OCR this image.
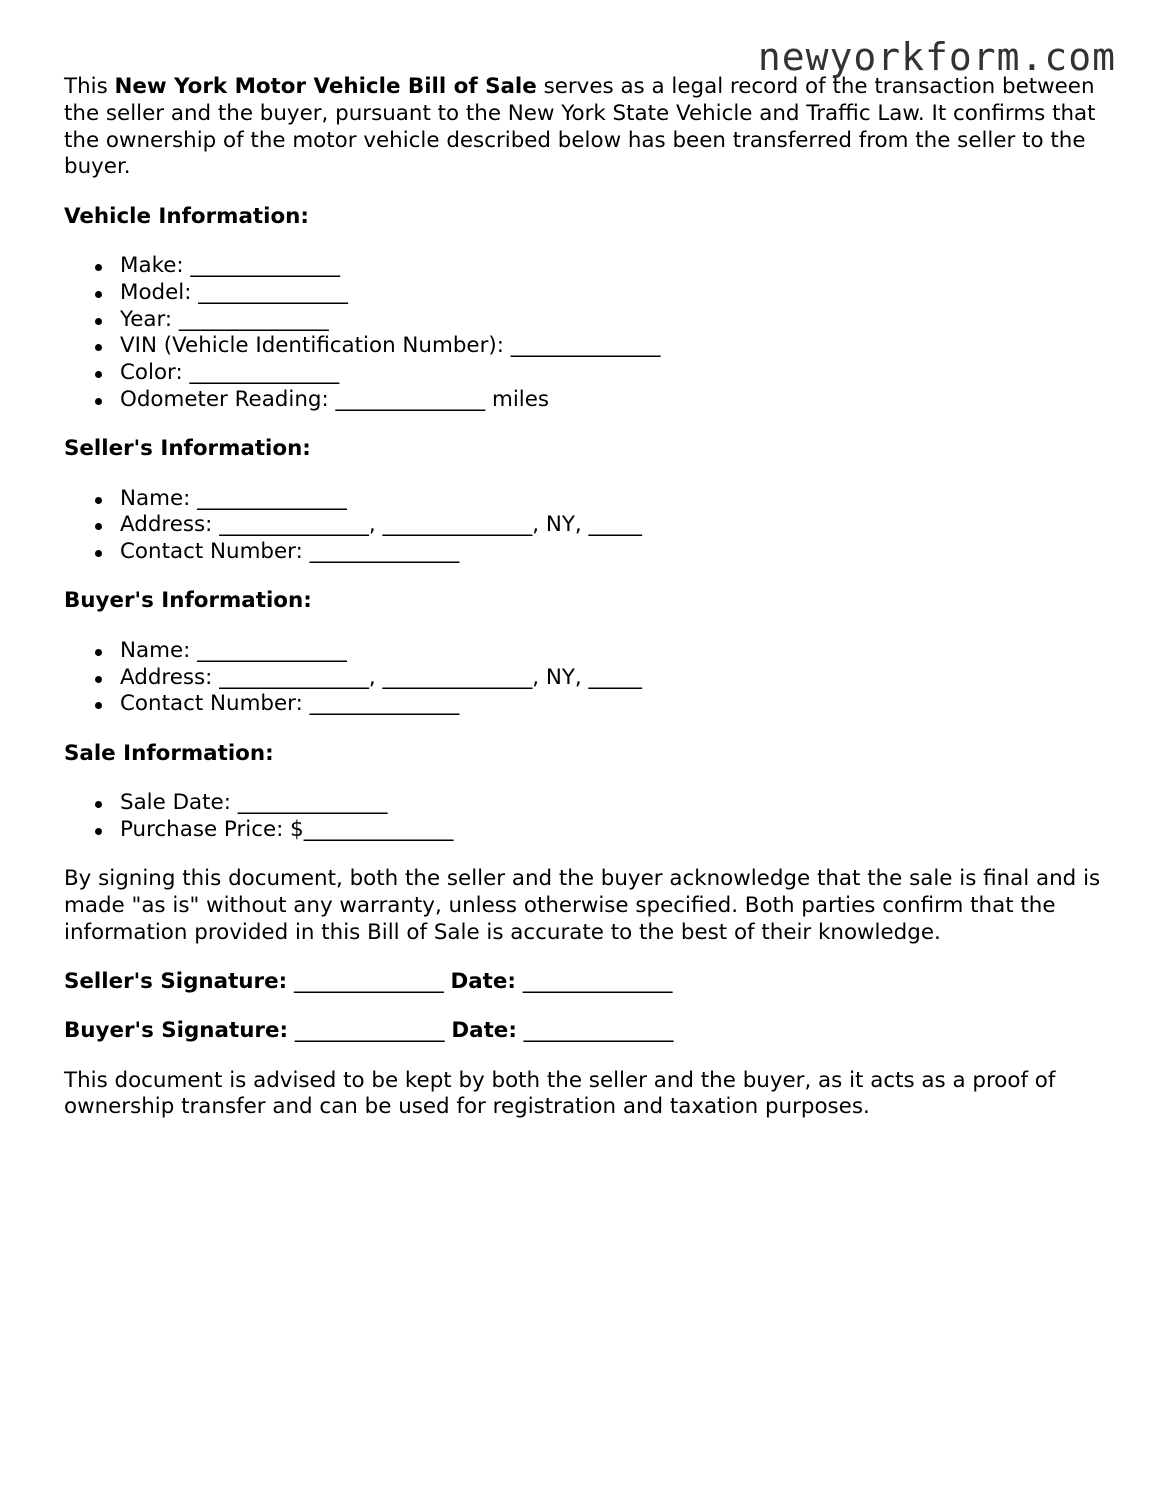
newyorkform.com

This New York Motor Vehicle Bill of Sale serves as a legal record of the transaction between the seller and the buyer, pursuant to the New York State Vehicle and Traffic Law. It confirms that the ownership of the motor vehicle described below has been transferred from the seller to the buyer.

Vehicle Information:

Make: ______________
Model: ______________
Year: ______________
VIN (Vehicle Identification Number): ______________
Color: ______________
Odometer Reading: ______________ miles

Seller's Information:

Name: ______________
Address: ______________, ______________, NY, _____
Contact Number: ______________

Buyer's Information:

Name: ______________
Address: ______________, ______________, NY, _____
Contact Number: ______________

Sale Information:

Sale Date: ______________
Purchase Price: $______________

By signing this document, both the seller and the buyer acknowledge that the sale is final and is made "as is" without any warranty, unless otherwise specified. Both parties confirm that the information provided in this Bill of Sale is accurate to the best of their knowledge.

Seller's Signature: ______________ Date: ______________

Buyer's Signature: ______________ Date: ______________

This document is advised to be kept by both the seller and the buyer, as it acts as a proof of ownership transfer and can be used for registration and taxation purposes.
